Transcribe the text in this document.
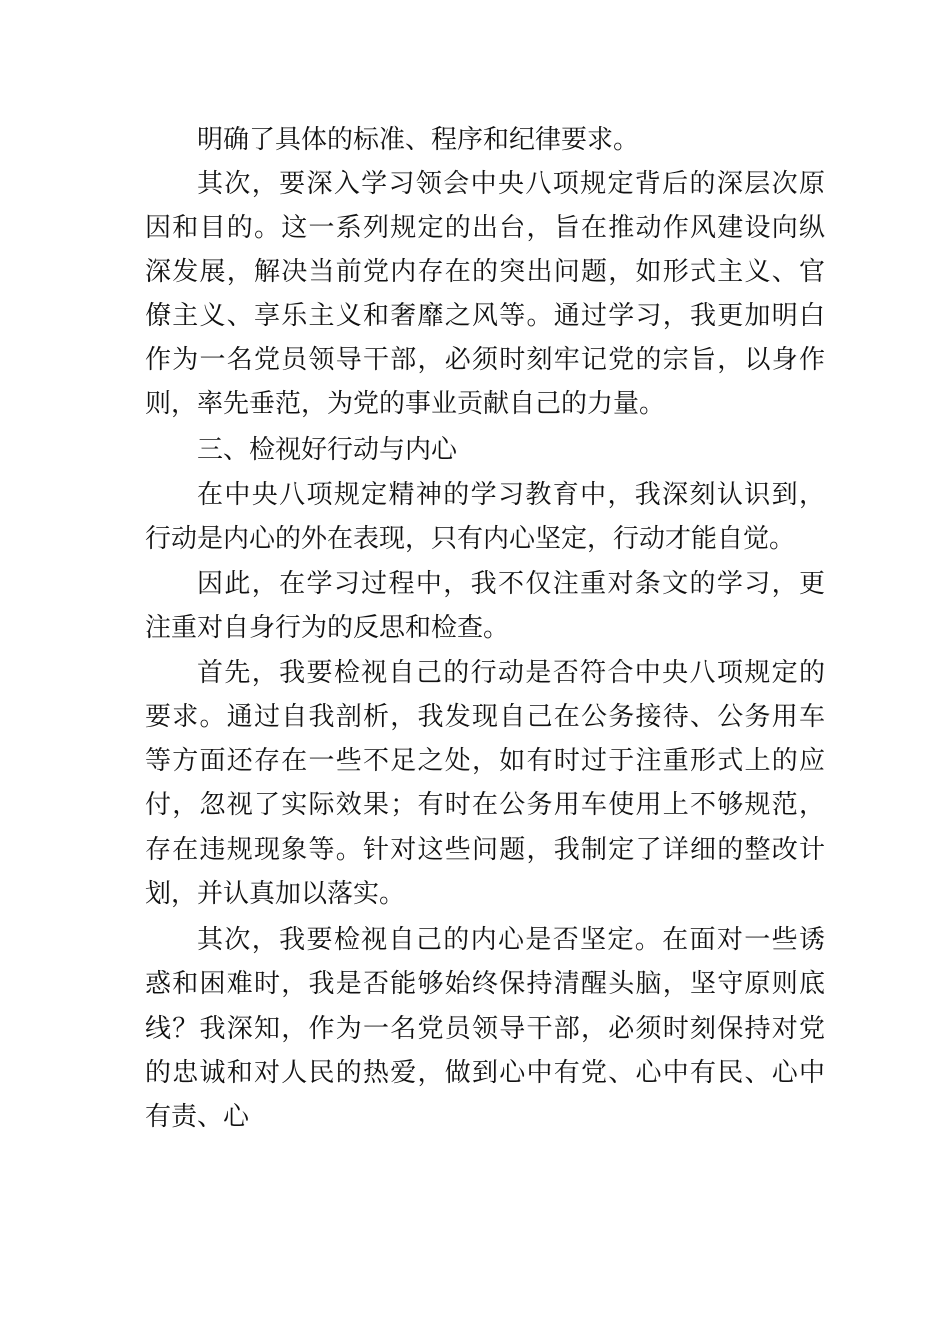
明确了具体的标准、程序和纪律要求。

其次，要深入学习领会中央八项规定背后的深层次原

因和目的。这一系列规定的出台，旨在推动作风建设向纵

深发展，解决当前党内存在的突出问题，如形式主义、官

僚主义、享乐主义和奢靡之风等。通过学习，我更加明白

作为一名党员领导干部，必须时刻牢记党的宗旨，以身作

则，率先垂范，为党的事业贡献自己的力量。

三、检视好行动与内心

在中央八项规定精神的学习教育中，我深刻认识到，

行动是内心的外在表现，只有内心坚定，行动才能自觉。

因此，在学习过程中，我不仅注重对条文的学习，更

注重对自身行为的反思和检查。

首先，我要检视自己的行动是否符合中央八项规定的

要求。通过自我剖析，我发现自己在公务接待、公务用车

等方面还存在一些不足之处，如有时过于注重形式上的应

付，忽视了实际效果；有时在公务用车使用上不够规范，

存在违规现象等。针对这些问题，我制定了详细的整改计

划，并认真加以落实。

其次，我要检视自己的内心是否坚定。在面对一些诱

惑和困难时，我是否能够始终保持清醒头脑，坚守原则底

线？我深知，作为一名党员领导干部，必须时刻保持对党

的忠诚和对人民的热爱，做到心中有党、心中有民、心中

有责、心
